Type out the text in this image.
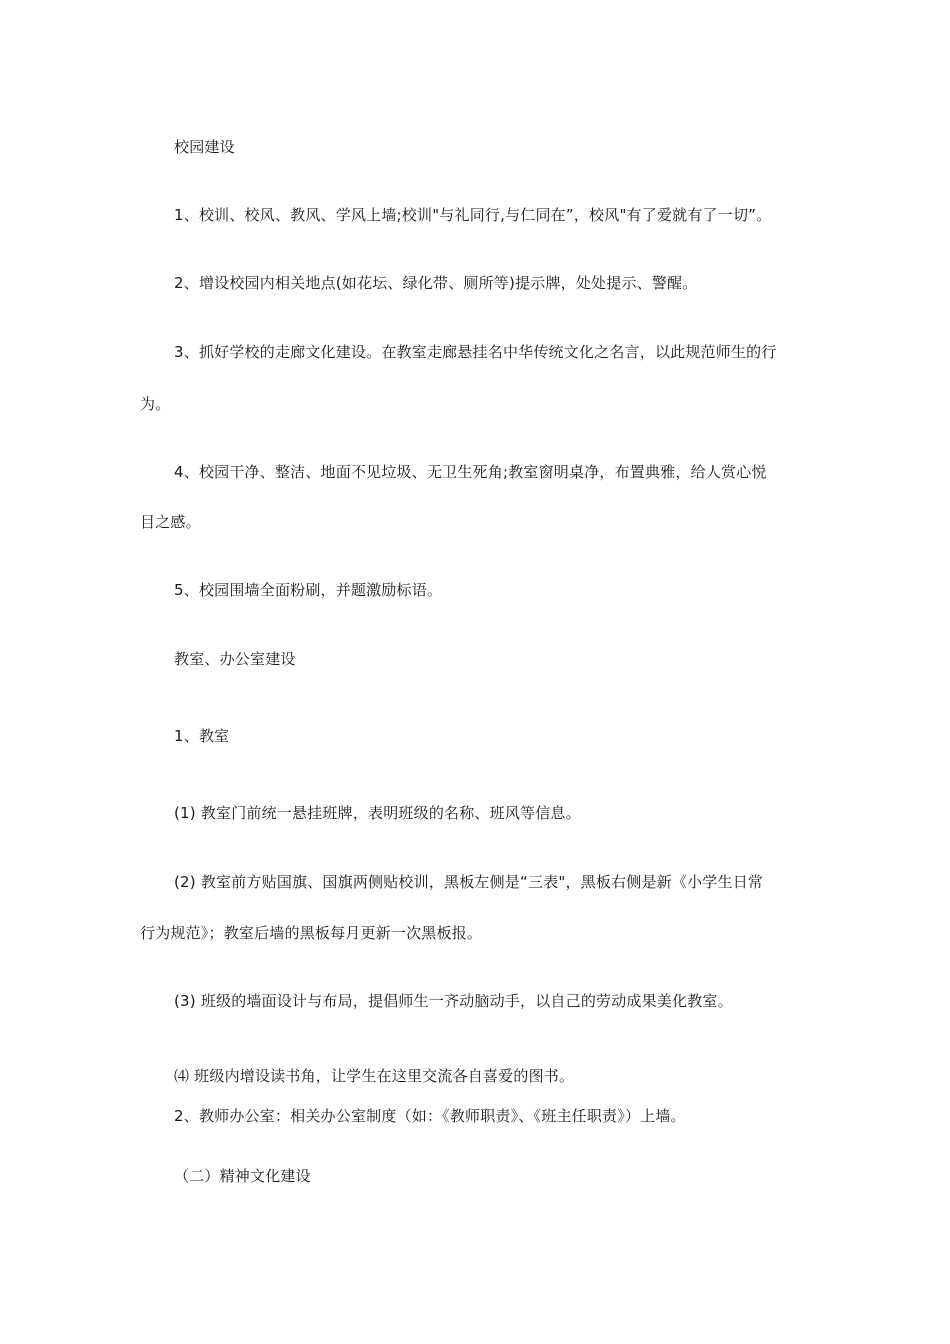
校园建设
1、校训、校风、教风、学风上墙;校训"与礼同行,与仁同在”，校风"有了爱就有了一切”。
2、增设校园内相关地点(如花坛、绿化带、厕所等)提示牌，处处提示、警醒。
3、抓好学校的走廊文化建设。在教室走廊悬挂名中华传统文化之名言，以此规范师生的行
为。
4、校园干净、整洁、地面不见垃圾、无卫生死角;教室窗明桌净，布置典雅，给人赏心悦
目之感。
5、校园围墙全面粉刷，并题激励标语。
教室、办公室建设
1、教室
(1) 教室门前统一悬挂班牌，表明班级的名称、班风等信息。
(2) 教室前方贴国旗、国旗两侧贴校训，黑板左侧是“三表"，黑板右侧是新《小学生日常
行为规范》；教室后墙的黑板每月更新一次黑板报。
(3) 班级的墙面设计与布局，提倡师生一齐动脑动手，以自己的劳动成果美化教室。
⑷ 班级内增设读书角，让学生在这里交流各自喜爱的图书。
2、教师办公室：相关办公室制度（如：《教师职责》、《班主任职责》）上墙。
（二）精神文化建设
